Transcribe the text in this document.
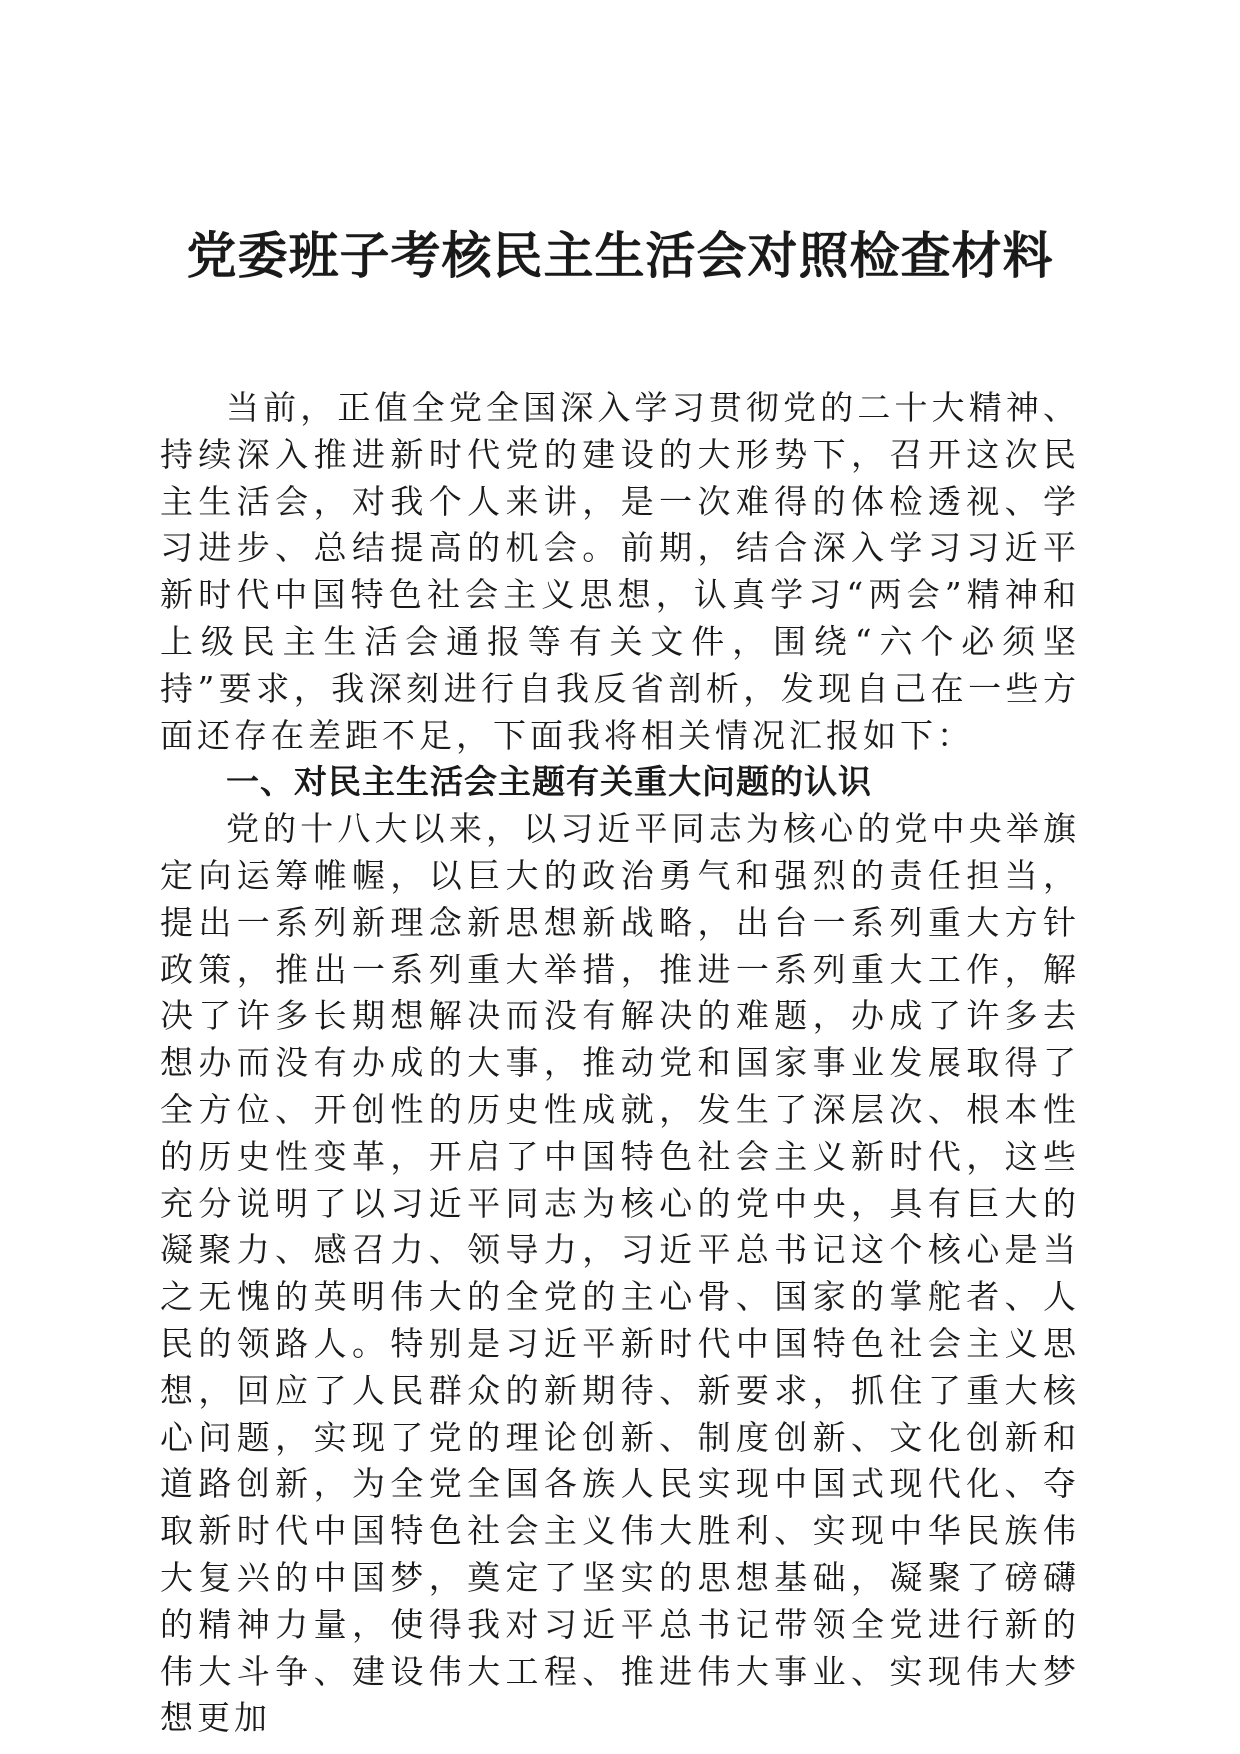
党委班子考核民主生活会对照检查材料

当前，正值全党全国深入学习贯彻党的二十大精神、持续深入推进新时代党的建设的大形势下，召开这次民主生活会，对我个人来讲，是一次难得的体检透视、学习进步、总结提高的机会。前期，结合深入学习习近平新时代中国特色社会主义思想，认真学习“两会”精神和上级民主生活会通报等有关文件，围绕“六个必须坚持”要求，我深刻进行自我反省剖析，发现自己在一些方面还存在差距不足，下面我将相关情况汇报如下：

一、对民主生活会主题有关重大问题的认识

党的十八大以来，以习近平同志为核心的党中央举旗定向运筹帷幄，以巨大的政治勇气和强烈的责任担当，提出一系列新理念新思想新战略，出台一系列重大方针政策，推出一系列重大举措，推进一系列重大工作，解决了许多长期想解决而没有解决的难题，办成了许多去想办而没有办成的大事，推动党和国家事业发展取得了全方位、开创性的历史性成就，发生了深层次、根本性的历史性变革，开启了中国特色社会主义新时代，这些充分说明了以习近平同志为核心的党中央，具有巨大的凝聚力、感召力、领导力，习近平总书记这个核心是当之无愧的英明伟大的全党的主心骨、国家的掌舵者、人民的领路人。特别是习近平新时代中国特色社会主义思想，回应了人民群众的新期待、新要求，抓住了重大核心问题，实现了党的理论创新、制度创新、文化创新和道路创新，为全党全国各族人民实现中国式现代化、夺取新时代中国特色社会主义伟大胜利、实现中华民族伟大复兴的中国梦，奠定了坚实的思想基础，凝聚了磅礴的精神力量，使得我对习近平总书记带领全党进行新的伟大斗争、建设伟大工程、推进伟大事业、实现伟大梦想更加
